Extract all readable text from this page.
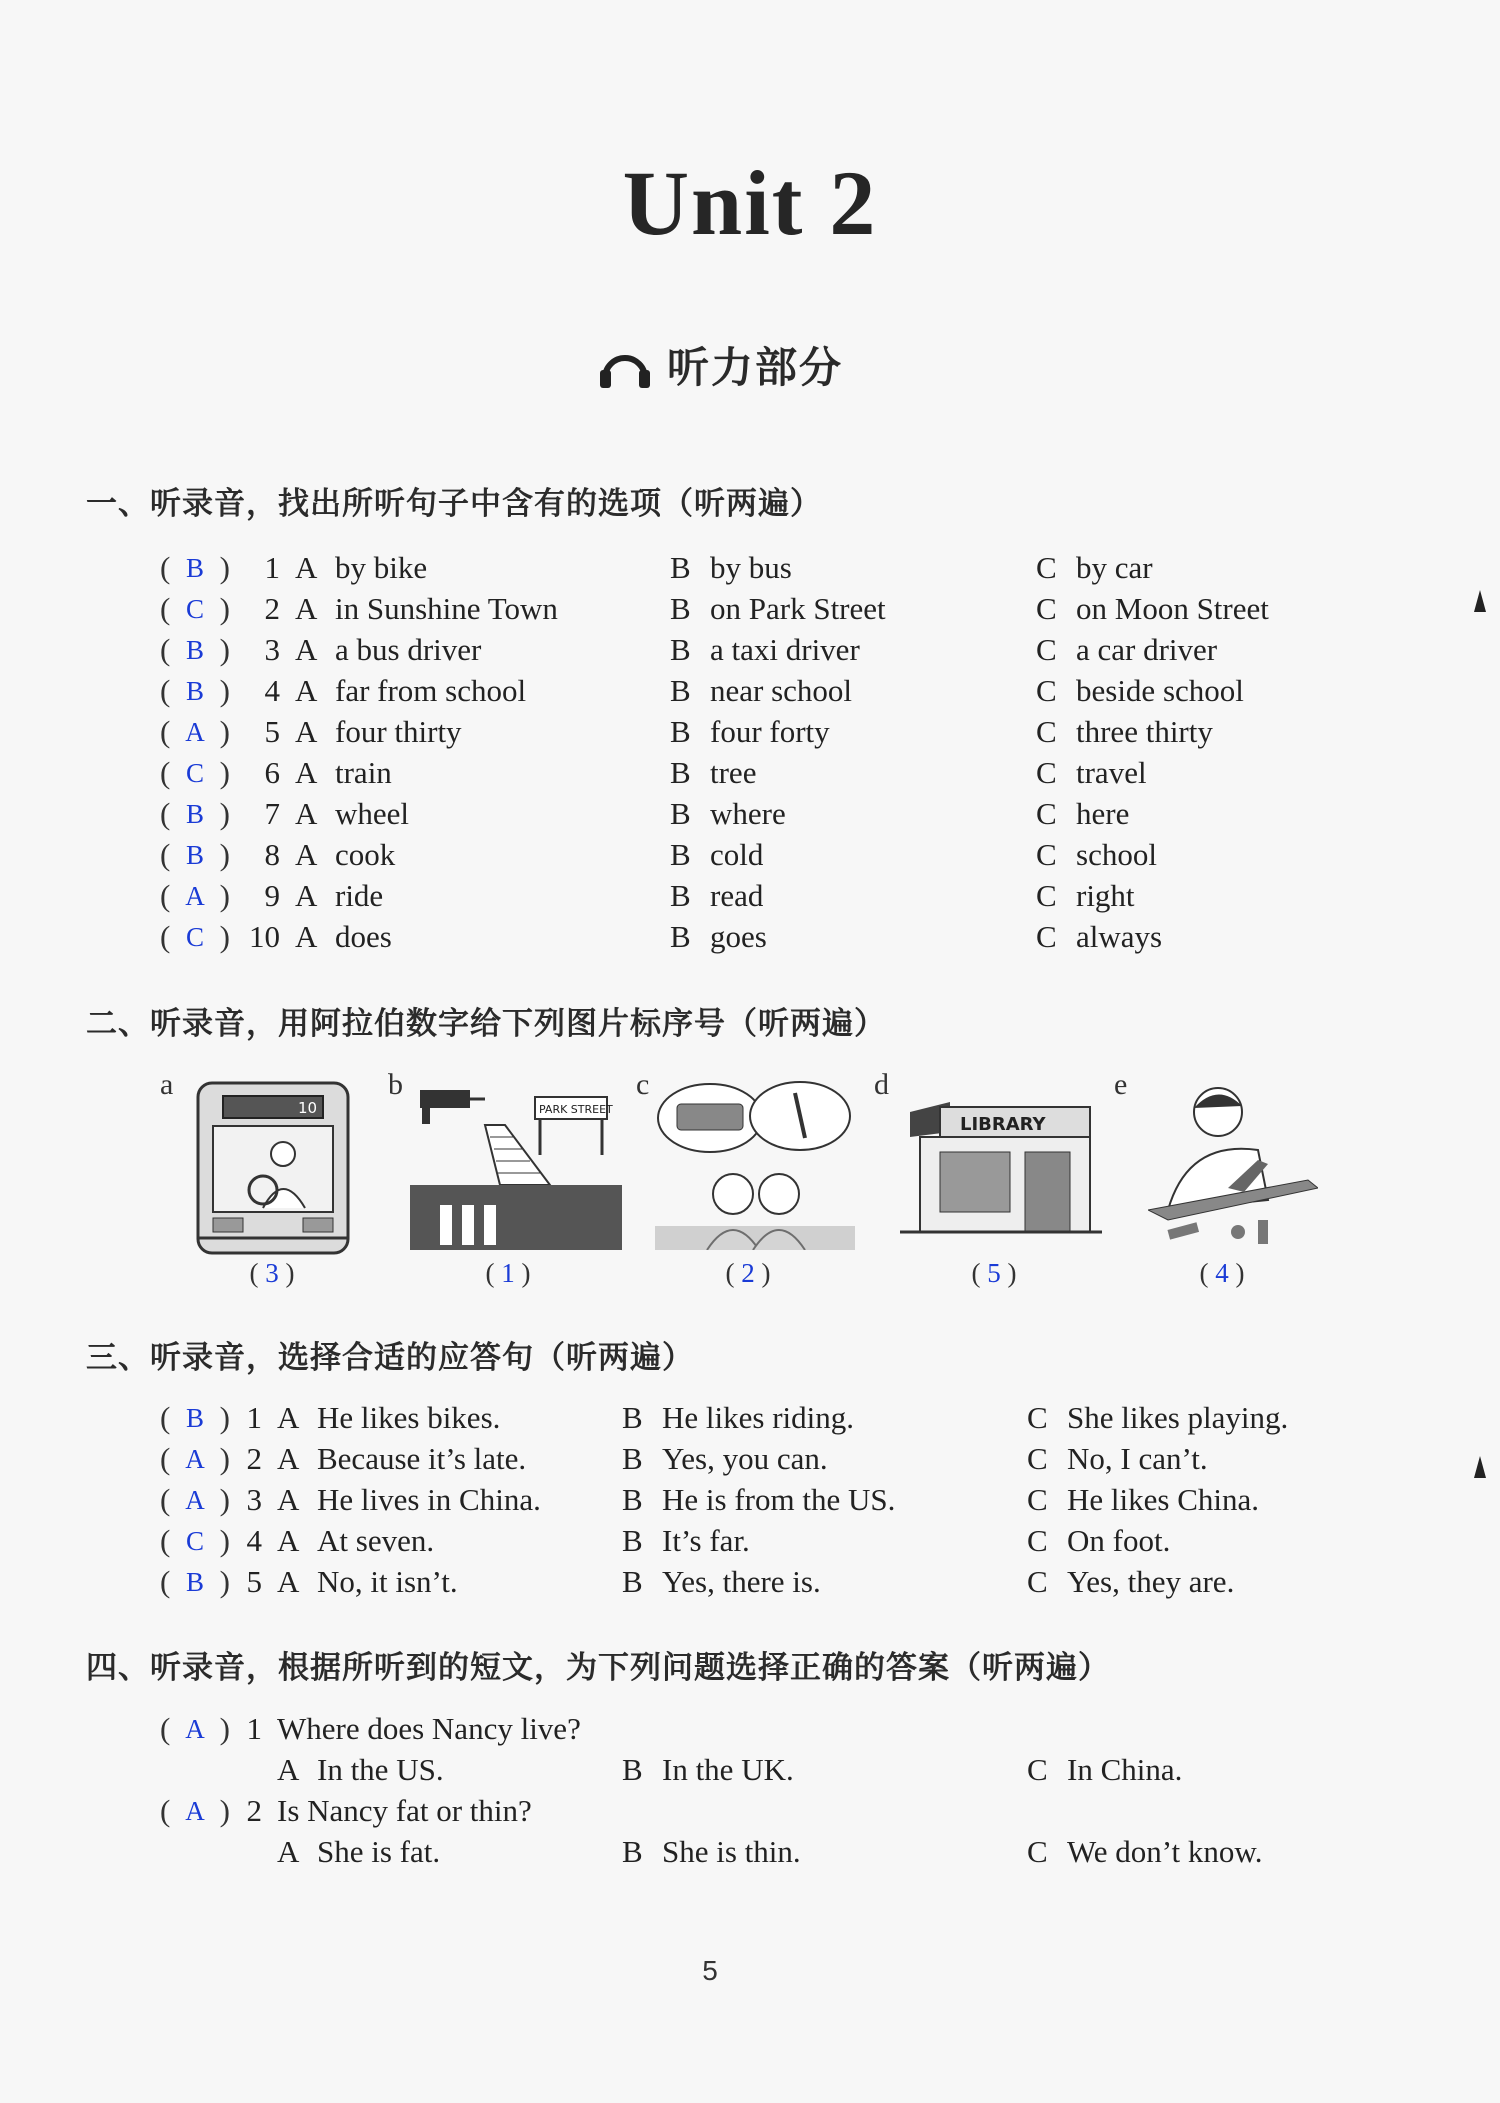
Unit 2
听力部分
一、听录音，找出所听句子中含有的选项（听两遍）
( B )	1 A by bike	B by bus	C by car
( C )	2 A in Sunshine Town	B on Park Street	C on Moon Street
( B )	3 A a bus driver	B a taxi driver	C a car driver
( B )	4 A far from school	B near school	C beside school
( A )	5 A four thirty	B four forty	C three thirty
( C )	6 A train	B tree	C travel
( B )	7 A wheel	B where	C here
( B )	8 A cook	B cold	C school
( A )	9 A ride	B read	C right
( C ) 10 A does	B goes	C always
二、听录音，用阿拉伯数字给下列图片标序号（听两遍）
a	b	c	d	e
10	PARK STREET
LIBRARY
( 3 )	( 1 )	( 2 )	( 5 )	( 4 )
三、听录音，选择合适的应答句（听两遍）
( B ) 1 A He likes bikes.	B He likes riding.	C She likes playing.
( A ) 2 A Because it’s late.	B Yes, you can.	C No, I can’t.
( A ) 3 A He lives in China.	B He is from the US.	C He likes China.
( C ) 4 A At seven.	B It’s far.	C On foot.
( B ) 5 A No, it isn’t.	B Yes, there is.	C Yes, they are.
四、听录音，根据所听到的短文，为下列问题选择正确的答案（听两遍）
( A ) 1 Where does Nancy live?
A In the US.	B In the UK.	C In China.
( A ) 2 Is Nancy fat or thin?
A She is fat.	B She is thin.	C We don’t know.
5
